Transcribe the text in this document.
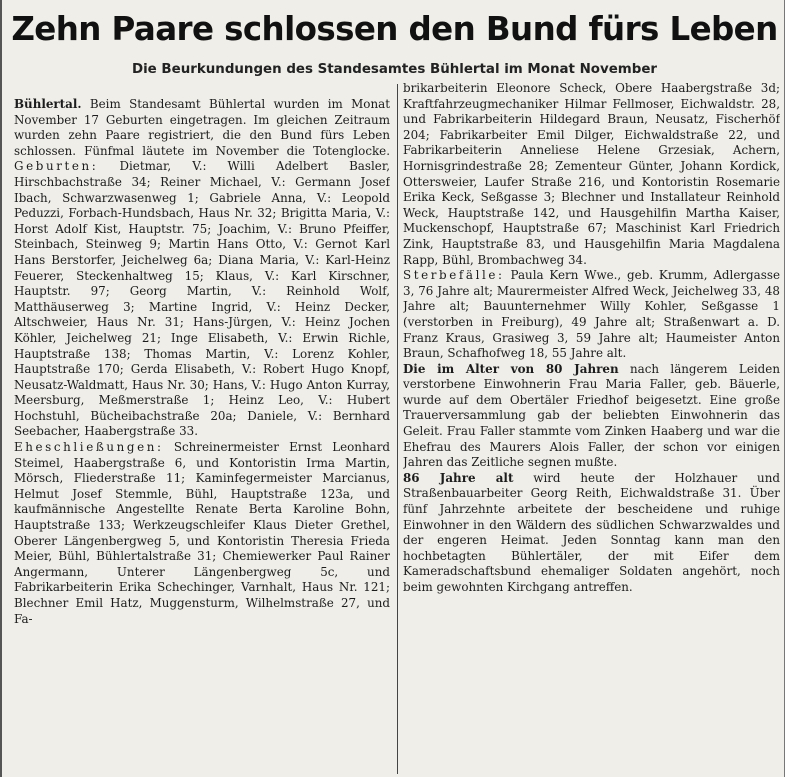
Zehn Paare schlossen den Bund fürs Leben
Die Beurkundungen des Standesamtes Bühlertal im Monat November

Bühlertal. Beim Standesamt Bühlertal wurden im Monat November 17 Geburten eingetragen. Im gleichen Zeitraum wurden zehn Paare registriert, die den Bund fürs Leben schlossen. Fünfmal läutete im November die Totenglocke. Geburten: Dietmar, V.: Willi Adelbert Basler, Hirschbachstraße 34; Reiner Michael, V.: Germann Josef Ibach, Schwarzwasenweg 1; Gabriele Anna, V.: Leopold Peduzzi, Forbach-Hundsbach, Haus Nr. 32; Brigitta Maria, V.: Horst Adolf Kist, Hauptstr. 75; Joachim, V.: Bruno Pfeiffer, Steinbach, Steinweg 9; Martin Hans Otto, V.: Gernot Karl Hans Berstorfer, Jeichelweg 6a; Diana Maria, V.: Karl-Heinz Feuerer, Steckenhaltweg 15; Klaus, V.: Karl Kirschner, Hauptstr. 97; Georg Martin, V.: Reinhold Wolf, Matthäuserweg 3; Martine Ingrid, V.: Heinz Decker, Altschweier, Haus Nr. 31; Hans-Jürgen, V.: Heinz Jochen Köhler, Jeichelweg 21; Inge Elisabeth, V.: Erwin Richle, Hauptstraße 138; Thomas Martin, V.: Lorenz Kohler, Hauptstraße 170; Gerda Elisabeth, V.: Robert Hugo Knopf, Neusatz-Waldmatt, Haus Nr. 30; Hans, V.: Hugo Anton Kurray, Meersburg, Meßmerstraße 1; Heinz Leo, V.: Hubert Hochstuhl, Bücheibachstraße 20a; Daniele, V.: Bernhard Seebacher, Haabergstraße 33.

Eheschließungen: Schreinermeister Ernst Leonhard Steimel, Haabergstraße 6, und Kontoristin Irma Martin, Mörsch, Fliederstraße 11; Kaminfegermeister Marcianus, Helmut Josef Stemmle, Bühl, Hauptstraße 123a, und kaufmännische Angestellte Renate Berta Karoline Bohn, Hauptstraße 133; Werkzeugschleifer Klaus Dieter Grethel, Oberer Längenbergweg 5, und Kontoristin Theresia Frieda Meier, Bühl, Bühlertalstraße 31; Chemiewerker Paul Rainer Angermann, Unterer Längenbergweg 5c, und Fabrikarbeiterin Erika Schechinger, Varnhalt, Haus Nr. 121; Blechner Emil Hatz, Muggensturm, Wilhelmstraße 27, und Fa-

brikarbeiterin Eleonore Scheck, Obere Haabergstraße 3d; Kraftfahrzeugmechaniker Hilmar Fellmoser, Eichwaldstr. 28, und Fabrikarbeiterin Hildegard Braun, Neusatz, Fischerhöf 204; Fabrikarbeiter Emil Dilger, Eichwaldstraße 22, und Fabrikarbeiterin Anneliese Helene Grzesiak, Achern, Hornisgrindestraße 28; Zementeur Günter, Johann Kordick, Ottersweier, Laufer Straße 216, und Kontoristin Rosemarie Erika Keck, Seßgasse 3; Blechner und Installateur Reinhold Weck, Hauptstraße 142, und Hausgehilfin Martha Kaiser, Muckenschopf, Hauptstraße 67; Maschinist Karl Friedrich Zink, Hauptstraße 83, und Hausgehilfin Maria Magdalena Rapp, Bühl, Brombachweg 34.

Sterbefälle: Paula Kern Wwe., geb. Krumm, Adlergasse 3, 76 Jahre alt; Maurermeister Alfred Weck, Jeichelweg 33, 48 Jahre alt; Bauunternehmer Willy Kohler, Seßgasse 1 (verstorben in Freiburg), 49 Jahre alt; Straßenwart a. D. Franz Kraus, Grasiweg 3, 59 Jahre alt; Haumeister Anton Braun, Schafhofweg 18, 55 Jahre alt.

Die im Alter von 80 Jahren nach längerem Leiden verstorbene Einwohnerin Frau Maria Faller, geb. Bäuerle, wurde auf dem Obertäler Friedhof beigesetzt. Eine große Trauerversammlung gab der beliebten Einwohnerin das Geleit. Frau Faller stammte vom Zinken Haaberg und war die Ehefrau des Maurers Alois Faller, der schon vor einigen Jahren das Zeitliche segnen mußte.

86 Jahre alt wird heute der Holzhauer und Straßenbauarbeiter Georg Reith, Eichwaldstraße 31. Über fünf Jahrzehnte arbeitete der bescheidene und ruhige Einwohner in den Wäldern des südlichen Schwarzwaldes und der engeren Heimat. Jeden Sonntag kann man den hochbetagten Bühlertäler, der mit Eifer dem Kameradschaftsbund ehemaliger Soldaten angehört, noch beim gewohnten Kirchgang antreffen.
